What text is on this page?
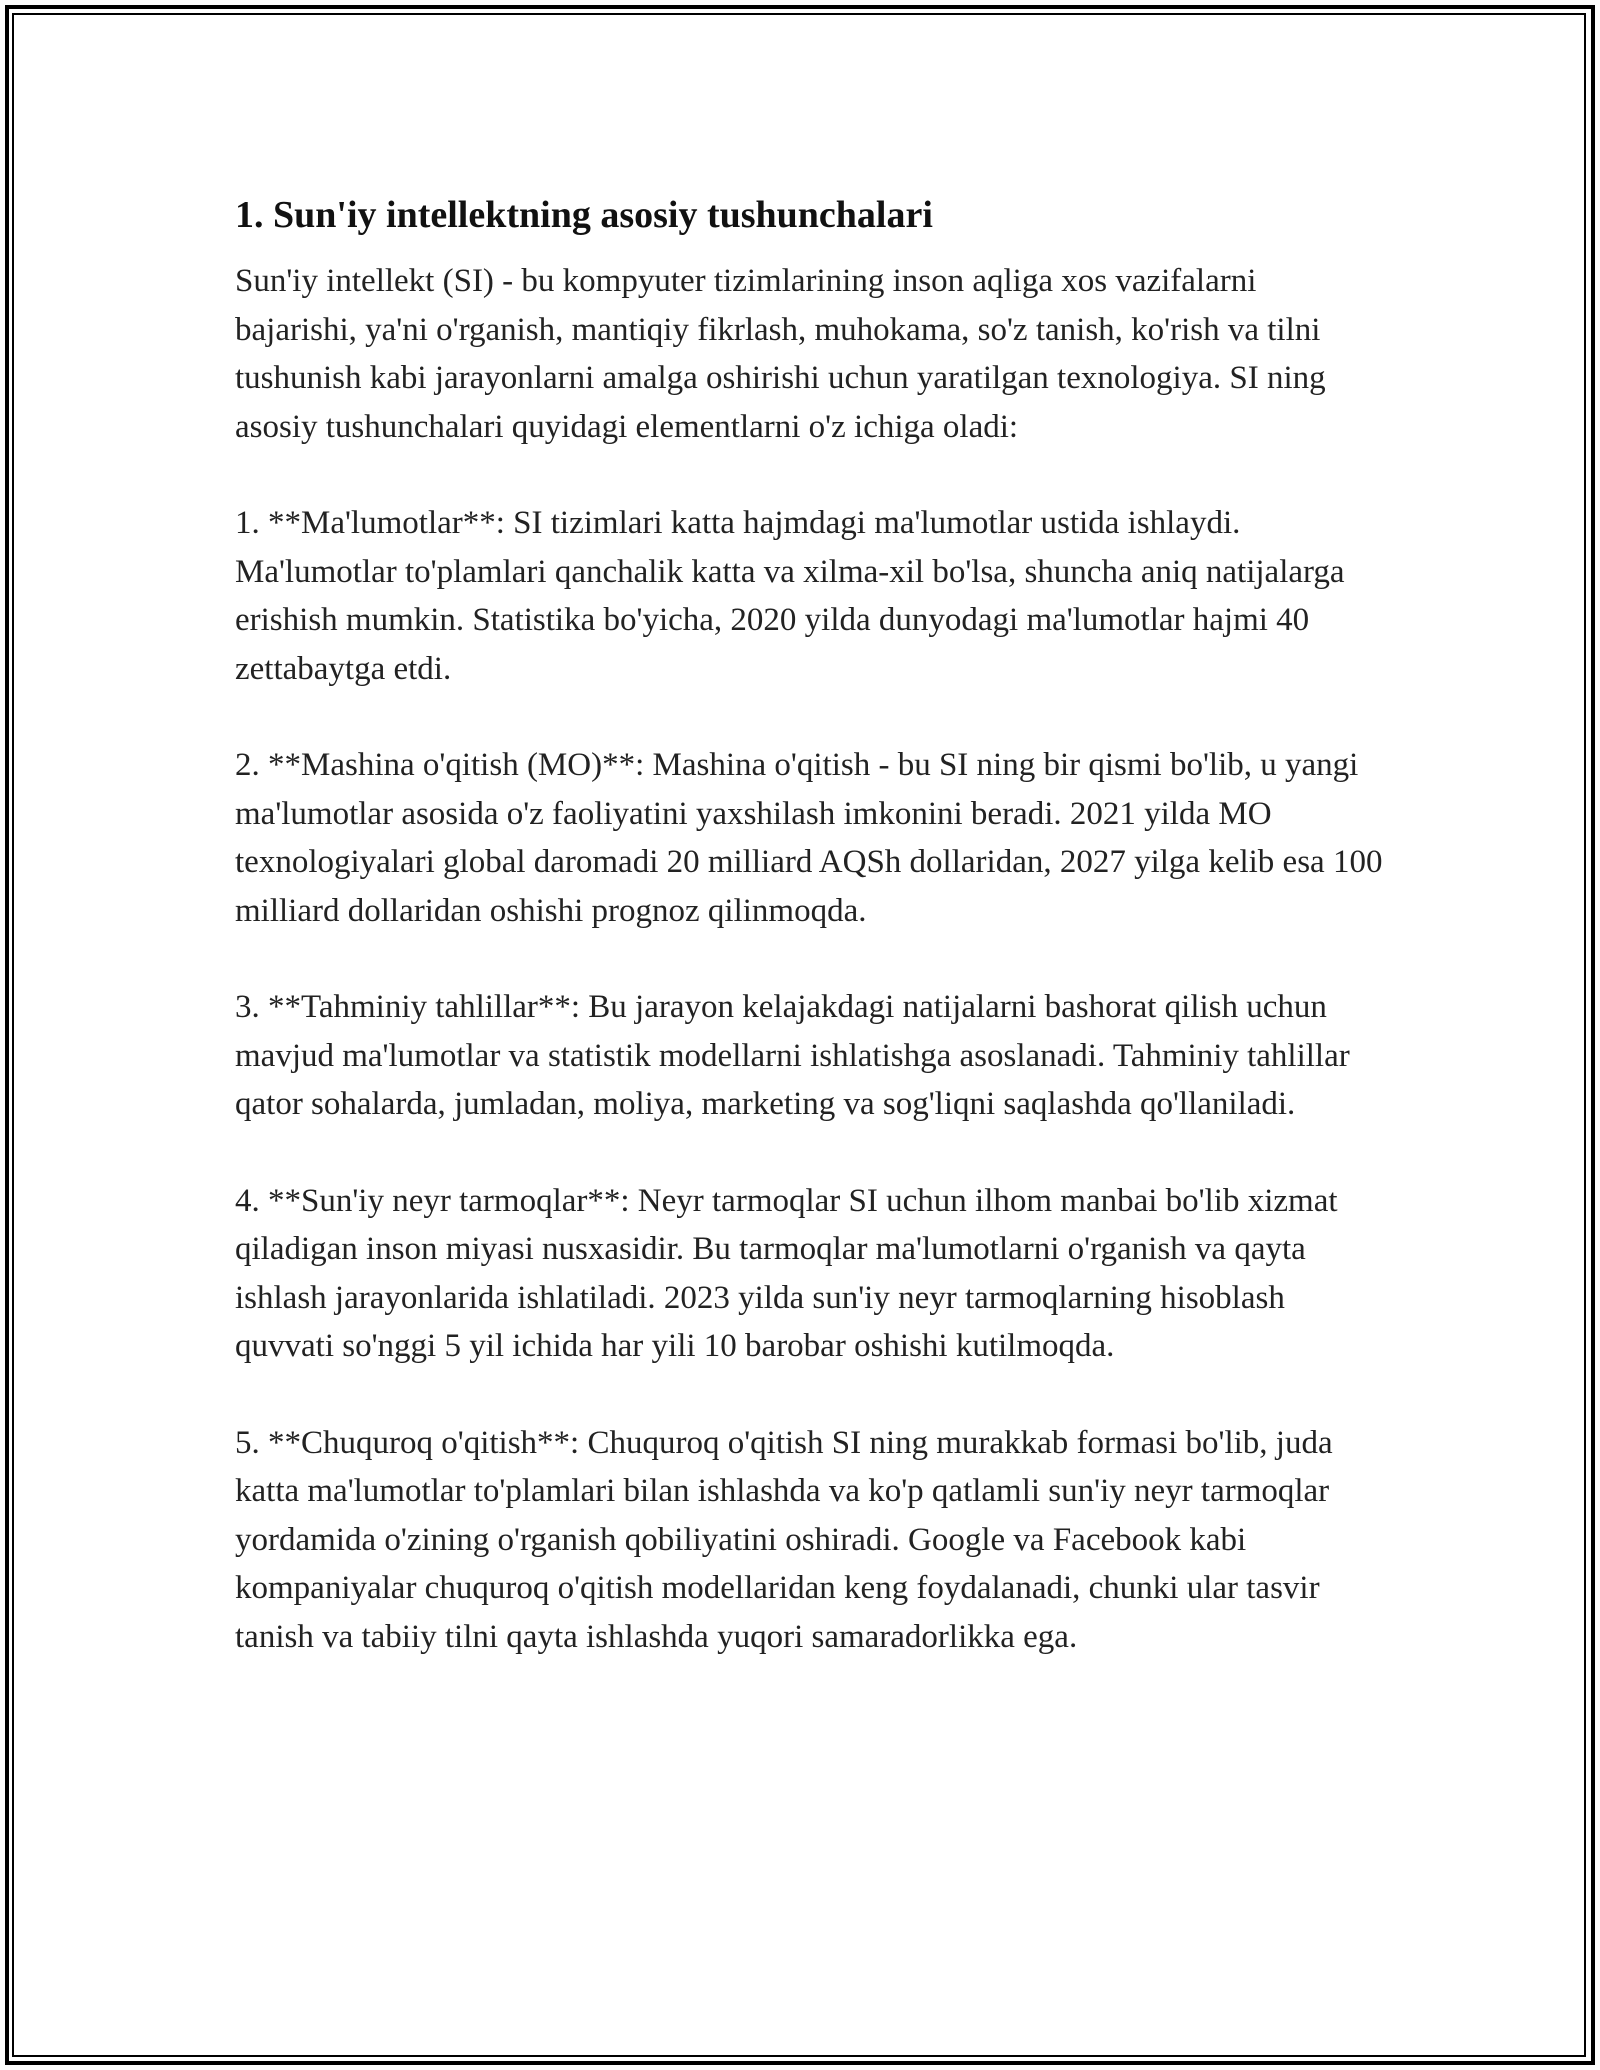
1. Sun'iy intellektning asosiy tushunchalari

Sun'iy intellekt (SI) - bu kompyuter tizimlarining inson aqliga xos vazifalarni bajarishi, ya'ni o'rganish, mantiqiy fikrlash, muhokama, so'z tanish, ko'rish va tilni tushunish kabi jarayonlarni amalga oshirishi uchun yaratilgan texnologiya. SI ning asosiy tushunchalari quyidagi elementlarni o'z ichiga oladi:

1. **Ma'lumotlar**: SI tizimlari katta hajmdagi ma'lumotlar ustida ishlaydi. Ma'lumotlar to'plamlari qanchalik katta va xilma-xil bo'lsa, shuncha aniq natijalarga erishish mumkin. Statistika bo'yicha, 2020 yilda dunyodagi ma'lumotlar hajmi 40 zettabaytga etdi.

2. **Mashina o'qitish (MO)**: Mashina o'qitish - bu SI ning bir qismi bo'lib, u yangi ma'lumotlar asosida o'z faoliyatini yaxshilash imkonini beradi. 2021 yilda MO texnologiyalari global daromadi 20 milliard AQSh dollaridan, 2027 yilga kelib esa 100 milliard dollaridan oshishi prognoz qilinmoqda.

3. **Tahminiy tahlillar**: Bu jarayon kelajakdagi natijalarni bashorat qilish uchun mavjud ma'lumotlar va statistik modellarni ishlatishga asoslanadi. Tahminiy tahlillar qator sohalarda, jumladan, moliya, marketing va sog'liqni saqlashda qo'llaniladi.

4. **Sun'iy neyr tarmoqlar**: Neyr tarmoqlar SI uchun ilhom manbai bo'lib xizmat qiladigan inson miyasi nusxasidir. Bu tarmoqlar ma'lumotlarni o'rganish va qayta ishlash jarayonlarida ishlatiladi. 2023 yilda sun'iy neyr tarmoqlarning hisoblash quvvati so'nggi 5 yil ichida har yili 10 barobar oshishi kutilmoqda.

5. **Chuquroq o'qitish**: Chuquroq o'qitish SI ning murakkab formasi bo'lib, juda katta ma'lumotlar to'plamlari bilan ishlashda va ko'p qatlamli sun'iy neyr tarmoqlar yordamida o'zining o'rganish qobiliyatini oshiradi. Google va Facebook kabi kompaniyalar chuquroq o'qitish modellaridan keng foydalanadi, chunki ular tasvir tanish va tabiiy tilni qayta ishlashda yuqori samaradorlikka ega.
